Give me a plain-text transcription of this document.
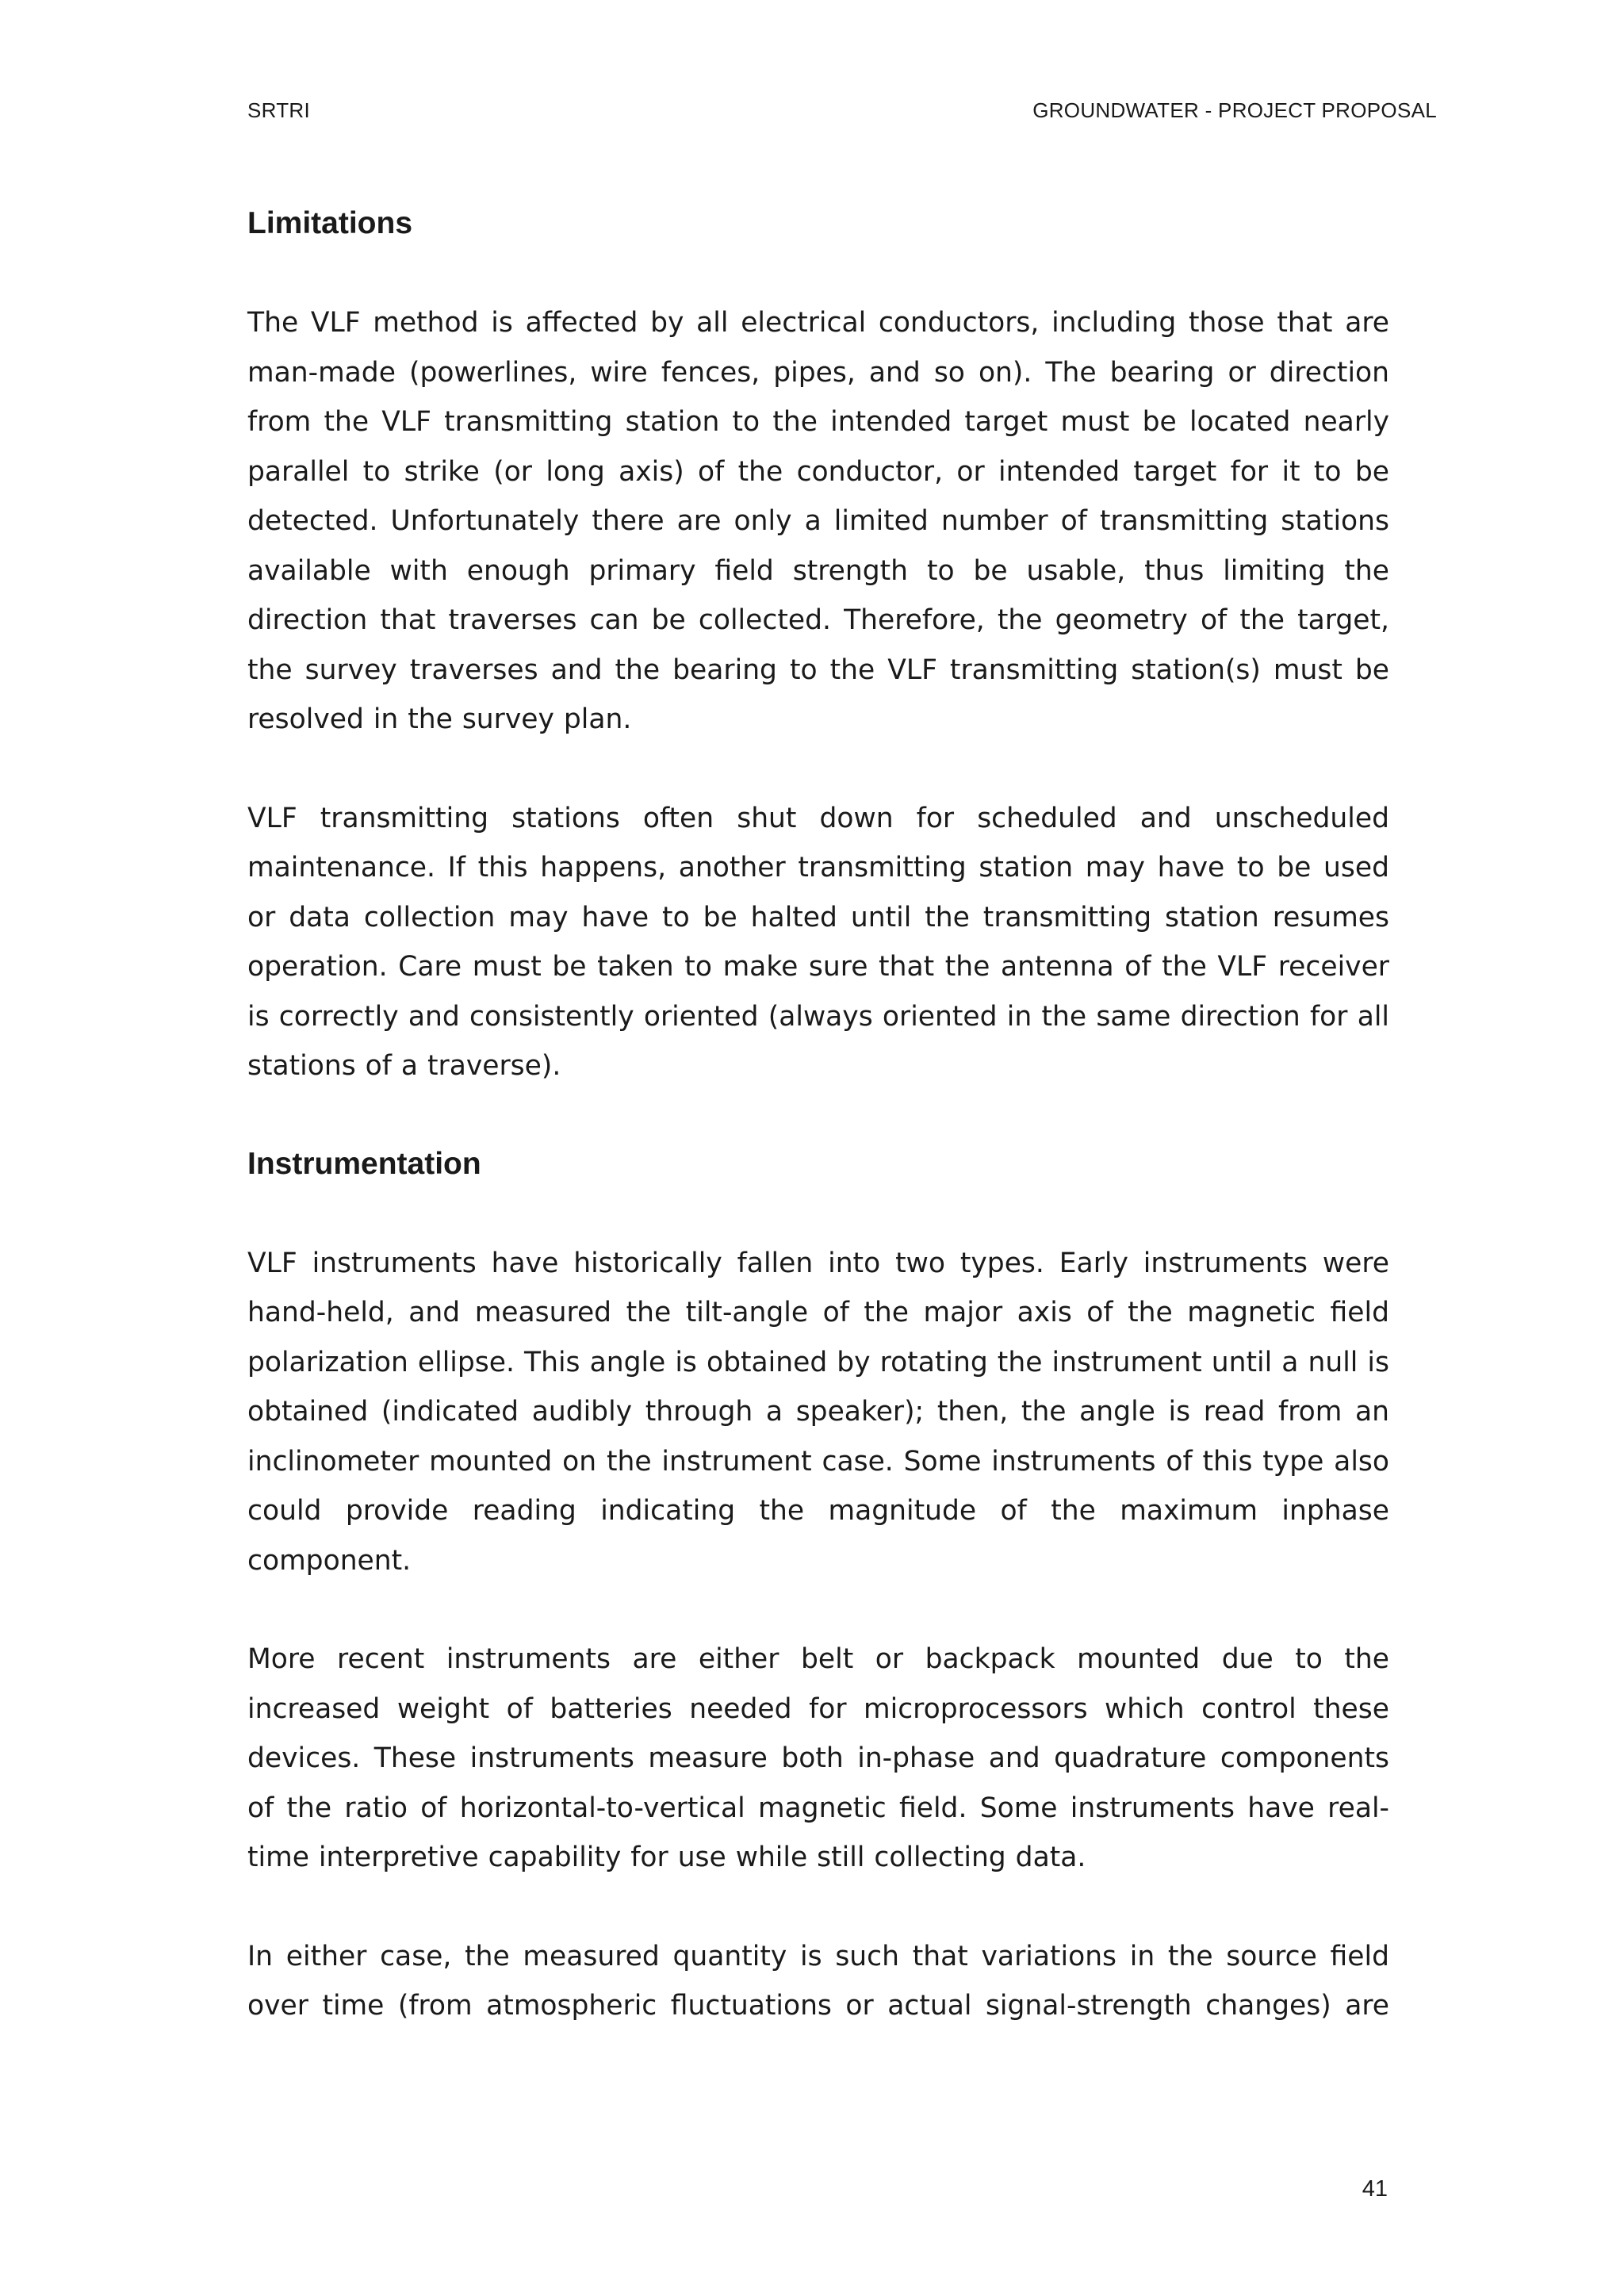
SRTRI	GROUNDWATER - PROJECT PROPOSAL
Limitations

The VLF method is affected by all electrical conductors, including those that are man-made (powerlines, wire fences, pipes, and so on). The bearing or direction from the VLF transmitting station to the intended target must be located nearly parallel to strike (or long axis) of the conductor, or intended target for it to be detected. Unfortunately there are only a limited number of transmitting stations available with enough primary field strength to be usable, thus limiting the direction that traverses can be collected. Therefore, the geometry of the target, the survey traverses and the bearing to the VLF transmitting station(s) must be resolved in the survey plan.

VLF transmitting stations often shut down for scheduled and unscheduled maintenance. If this happens, another transmitting station may have to be used or data collection may have to be halted until the transmitting station resumes operation. Care must be taken to make sure that the antenna of the VLF receiver is correctly and consistently oriented (always oriented in the same direction for all stations of a traverse).

Instrumentation

VLF instruments have historically fallen into two types. Early instruments were hand-held, and measured the tilt-angle of the major axis of the magnetic field polarization ellipse. This angle is obtained by rotating the instrument until a null is obtained (indicated audibly through a speaker); then, the angle is read from an inclinometer mounted on the instrument case. Some instruments of this type also could provide reading indicating the magnitude of the maximum inphase component.

More recent instruments are either belt or backpack mounted due to the increased weight of batteries needed for microprocessors which control these devices. These instruments measure both in-phase and quadrature components of the ratio of horizontal-to-vertical magnetic field. Some instruments have real-time interpretive capability for use while still collecting data.

In either case, the measured quantity is such that variations in the source field over time (from atmospheric fluctuations or actual signal-strength changes) are

41
